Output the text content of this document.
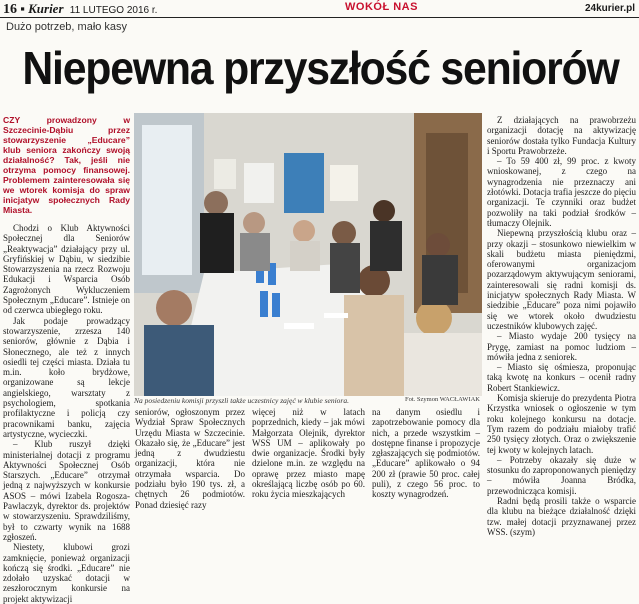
16 ▪ Kurier 11 LUTEGO 2016 r.	WOKÓŁ NAS	24kurier.pl
Dużo potrzeb, mało kasy
Niepewna przyszłość seniorów

CZY prowadzony w Szczecinie-Dąbiu przez stowarzyszenie „Educare” klub seniora zakończy swoją działalność? Tak, jeśli nie otrzyma pomocy finansowej. Problemem zainteresowała się we wtorek komisja do spraw inicjatyw społecznych Rady Miasta.

Chodzi o Klub Aktywności Społecznej dla Seniorów „Reaktywacja” działający przy ul. Gryfińskiej w Dąbiu, w siedzibie Stowarzyszenia na rzecz Rozwoju Edukacji i Wsparcia Osób Zagrożonych Wykluczeniem Społecznym „Educare”. Istnieje on od czerwca ubiegłego roku.

Jak podaje prowadzący stowarzyszenie, zrzesza 140 seniorów, głównie z Dąbia i Słonecznego, ale też z innych osiedli tej części miasta. Działa tu m.in. koło brydżowe, organizowane są lekcje angielskiego, warsztaty z psychologiem, spotkania profilaktyczne i policją czy pracownikami banku, zajęcia artystyczne, wycieczki.

– Klub ruszył dzięki ministerialnej dotacji z programu Aktywności Społecznej Osób Starszych. „Educare” otrzymał jedną z najwyższych w konkursie ASOS – mówi Izabela Rogosza-Pawlaczyk, dyrektor ds. projektów w stowarzyszeniu. Sprawdziliśmy, był to czwarty wynik na 1688 zgłoszeń.

Niestety, klubowi grozi zamknięcie, ponieważ organizacji kończą się środki. „Educare” nie zdołało uzyskać dotacji w zeszłorocznym konkursie na projekt aktywizacji

Na posiedzeniu komisji przyszli także uczestnicy zajęć w klubie seniora.	Fot. Szymon WACŁAWIAK

seniorów, ogłoszonym przez Wydział Spraw Społecznych Urzędu Miasta w Szczecinie. Okazało się, że „Educare” jest jedną z dwudziestu organizacji, która nie otrzymała wsparcia. Do podziału było 190 tys. zł, a chętnych 26 podmiotów. Ponad dziesięć razy

więcej niż w latach poprzednich, kiedy – jak mówi Małgorzata Olejnik, dyrektor WSS UM – aplikowały po dwie organizacje. Środki były dzielone m.in. ze względu na oprawę przez miasto mapę określającą liczbę osób po 60. roku życia mieszkających

na danym osiedlu i zapotrzebowanie pomocy dla nich, a przede wszystkim – dostępne finanse i propozycje zgłaszających się podmiotów. „Educare” aplikowało o 94 200 zł (prawie 50 proc. całej puli), z czego 56 proc. to koszty wynagrodzeń.

Z działających na prawobrzeżu organizacji dotację na aktywizację seniorów dostała tylko Fundacja Kultury i Sportu Prawobrzeże.

– To 59 400 zł, 99 proc. z kwoty wnioskowanej, z czego na wynagrodzenia nie przeznaczy ani złotówki. Dotacja trafia jeszcze do pięciu organizacji. Te czynniki oraz budżet pozwoliły na taki podział środków – tłumaczy Olejnik.

Niepewną przyszłością klubu oraz – przy okazji – stosunkowo niewielkim w skali budżetu miasta pieniędzmi, oferowanymi organizacjom pozarządowym aktywującym seniorami, zainteresowali się radni komisji ds. inicjatyw społecznych Rady Miasta. W siedzibie „Educare” poza nimi pojawiło się we wtorek około dwudziestu uczestników klubowych zajęć.

– Miasto wydaje 200 tysięcy na Prygę, zamiast na pomoc ludziom – mówiła jedna z seniorek.

– Miasto się ośmiesza, proponując taką kwotę na konkurs – ocenił radny Robert Stankiewicz.

Komisja skieruje do prezydenta Piotra Krzystka wniosek o ogłoszenie w tym roku kolejnego konkursu na dotacje. Tym razem do podziału miałoby trafić 250 tysięcy złotych. Oraz o zwiększenie tej kwoty w kolejnych latach.

– Potrzeby okazały się duże w stosunku do zaproponowanych pieniędzy – mówiła Joanna Bródka, przewodnicząca komisji.

Radni będą prosili także o wsparcie dla klubu na bieżące działalność dzięki tzw. małej dotacji przyznawanej przez WSS. (szym)
